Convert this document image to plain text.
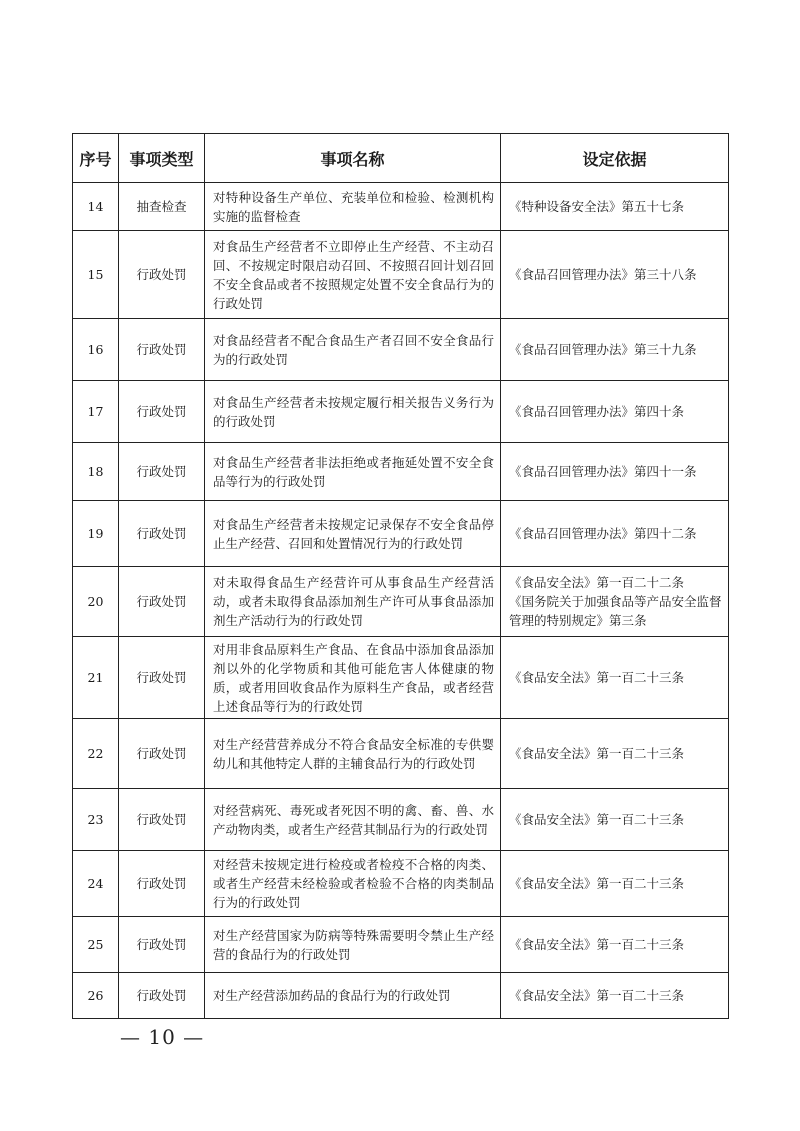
序号	事项类型	事项名称	设定依据
14	抽查检查	对特种设备生产单位、充装单位和检验、检测机构实施的监督检查	《特种设备安全法》第五十七条

15	行政处罚	对食品生产经营者不立即停止生产经营、不主动召回、不按规定时限启动召回、不按照召回计划召回不安全食品或者不按照规定处置不安全食品行为的行政处罚	《食品召回管理办法》第三十八条

16	行政处罚	对食品经营者不配合食品生产者召回不安全食品行为的行政处罚	《食品召回管理办法》第三十九条

17	行政处罚	对食品生产经营者未按规定履行相关报告义务行为的行政处罚	《食品召回管理办法》第四十条

18	行政处罚	对食品生产经营者非法拒绝或者拖延处置不安全食品等行为的行政处罚	《食品召回管理办法》第四十一条

19	行政处罚	对食品生产经营者未按规定记录保存不安全食品停止生产经营、召回和处置情况行为的行政处罚	《食品召回管理办法》第四十二条

20	行政处罚	对未取得食品生产经营许可从事食品生产经营活动，或者未取得食品添加剂生产许可从事食品添加剂生产活动行为的行政处罚	《食品安全法》第一百二十二条
《国务院关于加强食品等产品安全监督管理的特别规定》第三条

21	行政处罚	对用非食品原料生产食品、在食品中添加食品添加剂以外的化学物质和其他可能危害人体健康的物质，或者用回收食品作为原料生产食品，或者经营上述食品等行为的行政处罚	《食品安全法》第一百二十三条

22	行政处罚	对生产经营营养成分不符合食品安全标准的专供婴幼儿和其他特定人群的主辅食品行为的行政处罚	《食品安全法》第一百二十三条

23	行政处罚	对经营病死、毒死或者死因不明的禽、畜、兽、水产动物肉类，或者生产经营其制品行为的行政处罚	《食品安全法》第一百二十三条

24	行政处罚	对经营未按规定进行检疫或者检疫不合格的肉类、或者生产经营未经检验或者检验不合格的肉类制品行为的行政处罚	《食品安全法》第一百二十三条

25	行政处罚	对生产经营国家为防病等特殊需要明令禁止生产经营的食品行为的行政处罚	《食品安全法》第一百二十三条

26	行政处罚	对生产经营添加药品的食品行为的行政处罚	《食品安全法》第一百二十三条
— 10 —
